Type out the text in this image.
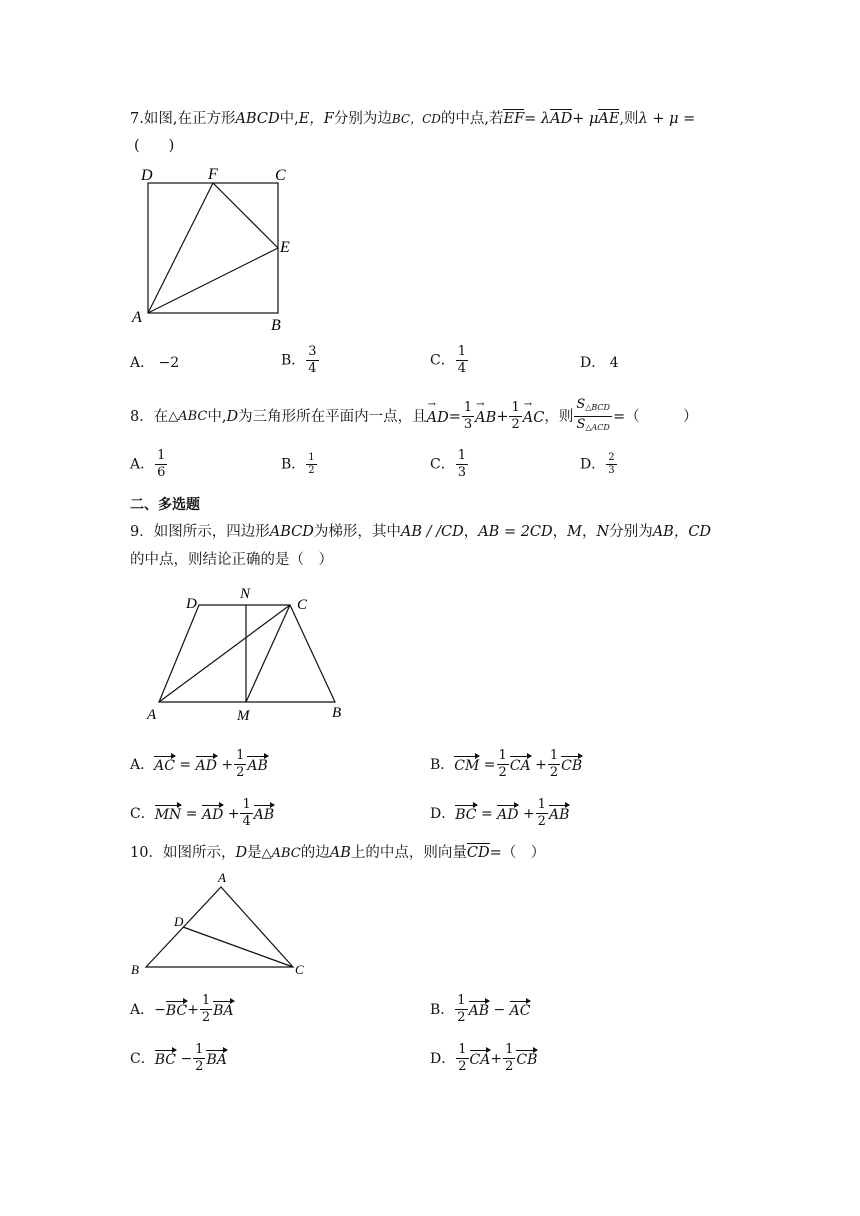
7.如图,在正方形ABCD中,E，F分别为边BC，CD的中点,若EF= λAD+ μAE,则λ + μ =
(　　)
D	F	C
E
A	B
A． −2	B． $\frac{3}{4}$	C． $\frac{1}{4}$	D． 4
8． 在 △ABC 中, D 为三角形所在平面内一点，且 AD → = $\frac{1}{3}$ AB → + $\frac{1}{2}$ AC → ，则 $\frac{S_{\triangle BCD}}{S_{\triangle ACD}}$ =（　　　）
A． $\frac{1}{6}$	B． $\frac{1}{2}$	C． $\frac{1}{3}$	D． $\frac{2}{3}$
二、多选题
9．如图所示，四边形ABCD为梯形，其中AB / /CD，AB = 2CD，M，N分别为AB，CD
的中点，则结论正确的是（　）
D
N
C
A	M	B
A． AC
=
AD
+ $\frac{1}{2}$ AB	B． CM
= $\frac{1}{2}$ CA
+ $\frac{1}{2}$ CB
C． MN
=
AD
+ $\frac{1}{4}$ AB	D． BC
=
AD
+ $\frac{1}{2}$ AB
10．如图所示，D是△ABC的边AB上的中点，则向量CD=（　）
A
D
B	C
A． − BC + $\frac{1}{2}$ BA	B． $\frac{1}{2}$ AB
−
AC
C． BC
− $\frac{1}{2}$ BA	D． $\frac{1}{2}$ CA + $\frac{1}{2}$ CB
